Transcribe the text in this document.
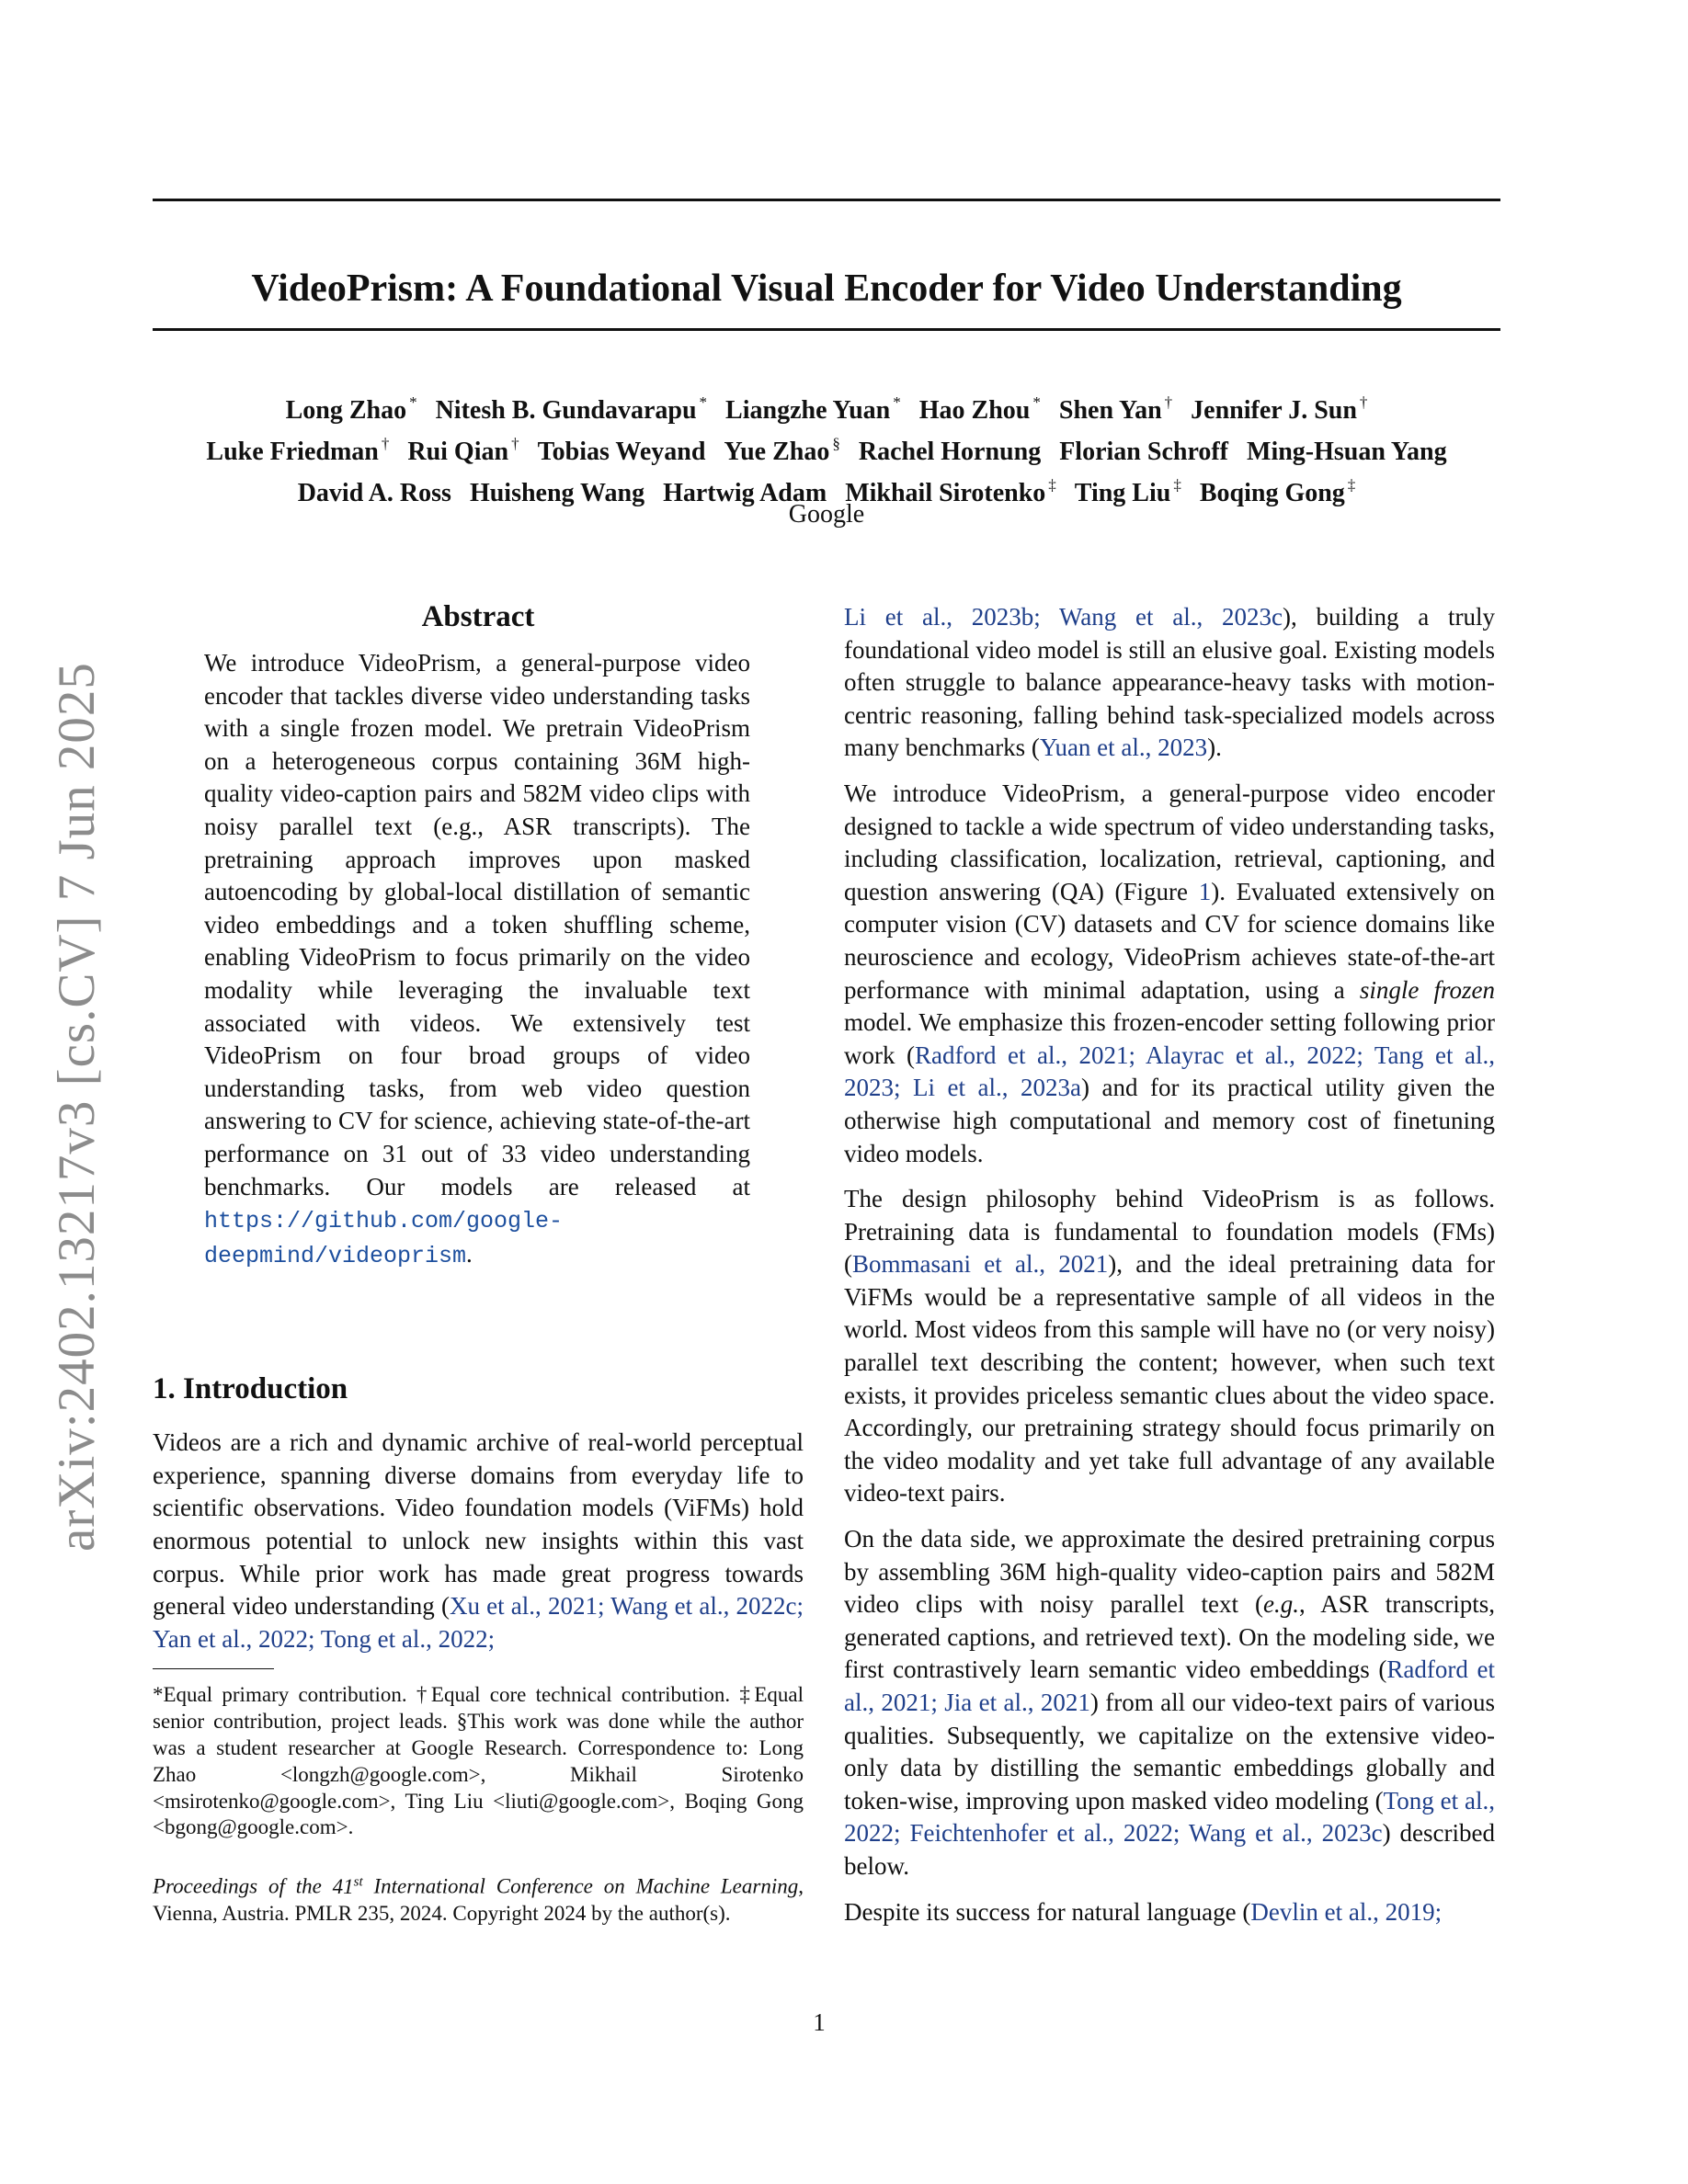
VideoPrism: A Foundational Visual Encoder for Video Understanding
Long Zhao * Nitesh B. Gundavarapu * Liangzhe Yuan * Hao Zhou * Shen Yan † Jennifer J. Sun †
Luke Friedman † Rui Qian † Tobias Weyand Yue Zhao § Rachel Hornung Florian Schroff Ming-Hsuan Yang
David A. Ross Huisheng Wang Hartwig Adam Mikhail Sirotenko ‡ Ting Liu ‡ Boqing Gong ‡
Google
arXiv:2402.13217v3 [cs.CV] 7 Jun 2025
Abstract
We introduce VideoPrism, a general-purpose video encoder that tackles diverse video understanding tasks with a single frozen model. We pretrain VideoPrism on a heterogeneous corpus containing 36M high-quality video-caption pairs and 582M video clips with noisy parallel text (e.g., ASR transcripts). The pretraining approach improves upon masked autoencoding by global-local distillation of semantic video embeddings and a token shuffling scheme, enabling VideoPrism to focus primarily on the video modality while leveraging the invaluable text associated with videos. We extensively test VideoPrism on four broad groups of video understanding tasks, from web video question answering to CV for science, achieving state-of-the-art performance on 31 out of 33 video understanding benchmarks. Our models are released at https://github.com/google-deepmind/videoprism.
1. Introduction
Videos are a rich and dynamic archive of real-world perceptual experience, spanning diverse domains from everyday life to scientific observations. Video foundation models (ViFMs) hold enormous potential to unlock new insights within this vast corpus. While prior work has made great progress towards general video understanding (Xu et al., 2021; Wang et al., 2022c; Yan et al., 2022; Tong et al., 2022;
*Equal primary contribution. †Equal core technical contribution. ‡Equal senior contribution, project leads. §This work was done while the author was a student researcher at Google Research. Correspondence to: Long Zhao <longzh@google.com>, Mikhail Sirotenko <msirotenko@google.com>, Ting Liu <liuti@google.com>, Boqing Gong <bgong@google.com>.
Proceedings of the 41st International Conference on Machine Learning, Vienna, Austria. PMLR 235, 2024. Copyright 2024 by the author(s).
Li et al., 2023b; Wang et al., 2023c), building a truly foundational video model is still an elusive goal. Existing models often struggle to balance appearance-heavy tasks with motion-centric reasoning, falling behind task-specialized models across many benchmarks (Yuan et al., 2023).
We introduce VideoPrism, a general-purpose video encoder designed to tackle a wide spectrum of video understanding tasks, including classification, localization, retrieval, captioning, and question answering (QA) (Figure 1). Evaluated extensively on computer vision (CV) datasets and CV for science domains like neuroscience and ecology, VideoPrism achieves state-of-the-art performance with minimal adaptation, using a single frozen model. We emphasize this frozen-encoder setting following prior work (Radford et al., 2021; Alayrac et al., 2022; Tang et al., 2023; Li et al., 2023a) and for its practical utility given the otherwise high computational and memory cost of finetuning video models.
The design philosophy behind VideoPrism is as follows. Pretraining data is fundamental to foundation models (FMs) (Bommasani et al., 2021), and the ideal pretraining data for ViFMs would be a representative sample of all videos in the world. Most videos from this sample will have no (or very noisy) parallel text describing the content; however, when such text exists, it provides priceless semantic clues about the video space. Accordingly, our pretraining strategy should focus primarily on the video modality and yet take full advantage of any available video-text pairs.
On the data side, we approximate the desired pretraining corpus by assembling 36M high-quality video-caption pairs and 582M video clips with noisy parallel text (e.g., ASR transcripts, generated captions, and retrieved text). On the modeling side, we first contrastively learn semantic video embeddings (Radford et al., 2021; Jia et al., 2021) from all our video-text pairs of various qualities. Subsequently, we capitalize on the extensive video-only data by distilling the semantic embeddings globally and token-wise, improving upon masked video modeling (Tong et al., 2022; Feichtenhofer et al., 2022; Wang et al., 2023c) described below.
Despite its success for natural language (Devlin et al., 2019;
1
